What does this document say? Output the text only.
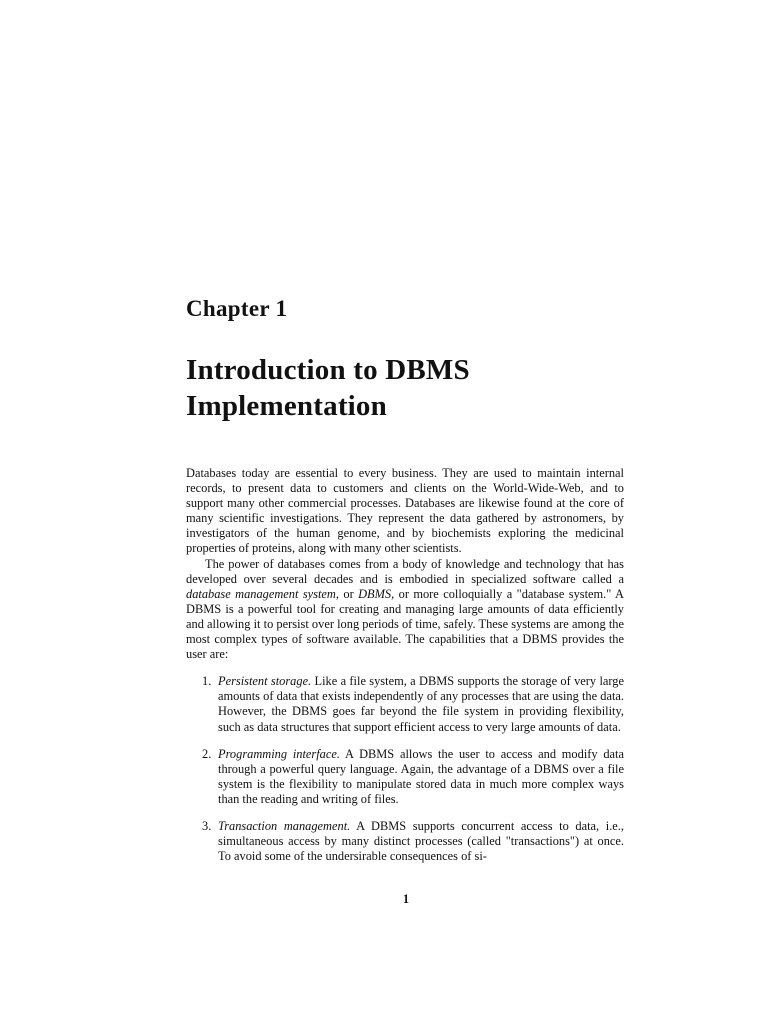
Chapter 1
Introduction to DBMS Implementation

Databases today are essential to every business. They are used to maintain internal records, to present data to customers and clients on the World-Wide-Web, and to support many other commercial processes. Databases are likewise found at the core of many scientific investigations. They represent the data gathered by astronomers, by investigators of the human genome, and by biochemists exploring the medicinal properties of proteins, along with many other scientists.

The power of databases comes from a body of knowledge and technology that has developed over several decades and is embodied in specialized software called a database management system, or DBMS, or more colloquially a "database system." A DBMS is a powerful tool for creating and managing large amounts of data efficiently and allowing it to persist over long periods of time, safely. These systems are among the most complex types of software available. The capabilities that a DBMS provides the user are:

1. Persistent storage. Like a file system, a DBMS supports the storage of very large amounts of data that exists independently of any processes that are using the data. However, the DBMS goes far beyond the file system in providing flexibility, such as data structures that support efficient access to very large amounts of data.
2. Programming interface. A DBMS allows the user to access and modify data through a powerful query language. Again, the advantage of a DBMS over a file system is the flexibility to manipulate stored data in much more complex ways than the reading and writing of files.
3. Transaction management. A DBMS supports concurrent access to data, i.e., simultaneous access by many distinct processes (called "transactions") at once. To avoid some of the undersirable consequences of si-
1
